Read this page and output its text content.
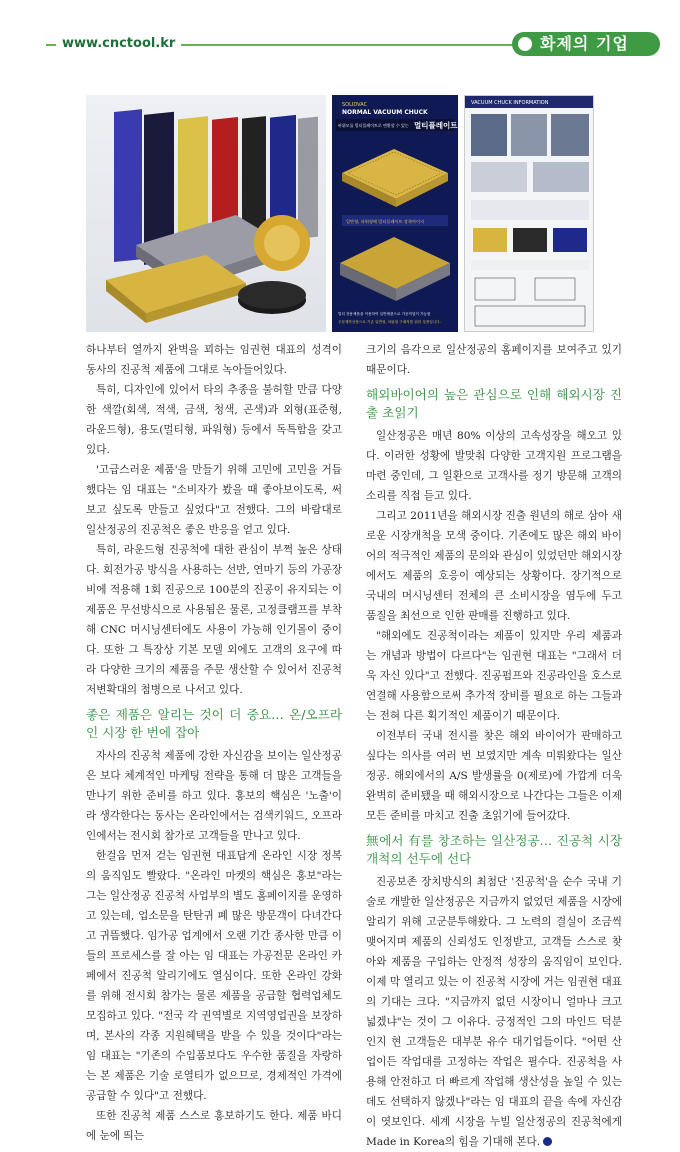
www.cnctool.kr	화제의 기업
SOLIDVAC
NORMAL VACUUM CHUCK
바위모를 멀티플레이트로 변환할 수 있는 멀티플레이트
일반형, 파워형에 멀티플레이트 장착아이지
멀티 전용제품을 이용하여 일반제품으로 가공작업이 가능함
주문제작상품으로 기존 일반형, 파워형 구매자를 위한 상품입니다.
VACUUM CHUCK INFORMATION

하나부터 열까지 완벽을 꾀하는 임권현 대표의 성격이 동사의 진공척 제품에 그대로 녹아들어있다.

특히, 디자인에 있어서 타의 추종을 불허할 만큼 다양한 색깔(회색, 적색, 금색, 청색, 곤색)과 외형(표준형, 라운드형), 용도(멀티형, 파워형) 등에서 독특함을 갖고 있다.

'고급스러운 제품'을 만들기 위해 고민에 고민을 거듭했다는 임 대표는 "소비자가 봤을 때 좋아보이도록, 써보고 싶도록 만들고 싶었다"고 전했다. 그의 바람대로 일산정공의 진공척은 좋은 반응을 얻고 있다.

특히, 라운드형 진공척에 대한 관심이 부쩍 높은 상태다. 회전가공 방식을 사용하는 선반, 연마기 등의 가공장비에 적용해 1회 진공으로 100분의 진공이 유지되는 이 제품은 무선방식으로 사용됨은 물론, 고정클램프를 부착해 CNC 머시닝센터에도 사용이 가능해 인기몰이 중이다. 또한 그 특장상 기본 모델 외에도 고객의 요구에 따라 다양한 크기의 제품을 주문 생산할 수 있어서 진공척 저변확대의 첨병으로 나서고 있다.

좋은 제품은 알리는 것이 더 중요… 온/오프라인 시장 한 번에 잡아

자사의 진공척 제품에 강한 자신감을 보이는 일산정공은 보다 체계적인 마케팅 전략을 통해 더 많은 고객들을 만나기 위한 준비를 하고 있다. 홍보의 핵심은 '노출'이라 생각한다는 동사는 온라인에서는 검색키워드, 오프라인에서는 전시회 참가로 고객들을 만나고 있다.

한걸음 먼저 걷는 임권현 대표답게 온라인 시장 정복의 움직임도 빨랐다. "온라인 마켓의 핵심은 홍보"라는 그는 일산정공 진공척 사업부의 별도 홈페이지를 운영하고 있는데, 업소문을 탄탄귀 폐 많은 방문객이 다녀간다고 귀뜸했다. 임가공 업계에서 오랜 기간 종사한 만큼 이들의 프로세스를 잘 아는 임 대표는 가공전문 온라인 카페에서 진공척 알리기에도 열심이다. 또한 온라인 강화를 위해 전시회 참가는 물론 제품을 공급할 협력업체도 모집하고 있다. "전국 각 권역별로 지역영업권을 보장하며, 본사의 각종 지원혜택을 받을 수 있을 것이다"라는 임 대표는 "기존의 수입품보다도 우수한 품질을 자랑하는 본 제품은 기술 로열티가 없으므로, 경제적인 가격에 공급할 수 있다"고 전했다.

또한 진공척 제품 스스로 홍보하기도 한다. 제품 바디에 눈에 띄는

크기의 음각으로 일산정공의 홈페이지를 보여주고 있기 때문이다.

해외바이어의 높은 관심으로 인해 해외시장 진출 초읽기

일산정공은 매년 80% 이상의 고속성장을 해오고 있다. 이러한 성황에 발맞춰 다양한 고객지원 프로그램을 마련 중인데, 그 일환으로 고객사를 정기 방문해 고객의 소리를 직접 듣고 있다.

그리고 2011년을 해외시장 진출 원년의 해로 삼아 새로운 시장개척을 모색 중이다. 기존에도 많은 해외 바이어의 적극적인 제품의 문의와 관심이 있었던만 해외시장에서도 제품의 호응이 예상되는 상황이다. 장기적으로 국내의 머시닝센터 전체의 큰 소비시장을 염두에 두고 품질을 최선으로 인한 판매를 진행하고 있다.

"해외에도 진공척이라는 제품이 있지만 우리 제품과는 개념과 방법이 다르다"는 임권현 대표는 "그래서 더욱 자신 있다"고 전했다. 진공펌프와 진공라인을 호스로 연결해 사용함으로써 추가적 장비를 필요로 하는 그들과는 전혀 다른 획기적인 제품이기 때문이다.

이전부터 국내 전시를 찾은 해외 바이어가 판매하고 싶다는 의사를 여러 번 보였지만 계속 미뤄왔다는 일산정공. 해외에서의 A/S 발생률을 0(제로)에 가깝게 더욱 완벽히 준비됐을 때 해외시장으로 나간다는 그들은 이제 모든 준비를 마치고 진출 초읽기에 들어갔다.

無에서 有를 창조하는 일산정공… 진공척 시장개척의 선두에 선다

진공보존 장치방식의 최첨단 '진공척'을 순수 국내 기술로 개발한 일산정공은 지금까지 없었던 제품을 시장에 알리기 위해 고군분투해왔다. 그 노력의 결실이 조금씩 맺어지며 제품의 신뢰성도 인정받고, 고객들 스스로 찾아와 제품을 구입하는 안정적 성장의 움직임이 보인다. 이제 막 열리고 있는 이 진공척 시장에 거는 임권현 대표의 기대는 크다. "지금까지 없던 시장이니 얼마나 크고 넓겠냐"는 것이 그 이유다. 긍정적인 그의 마인드 덕분인지 현 고객들은 대부분 유수 대기업들이다. "어떤 산업이든 작업대를 고정하는 작업은 필수다. 진공척을 사용해 안전하고 더 빠르게 작업해 생산성을 높일 수 있는데도 선택하지 않겠나"라는 임 대표의 끝을 속에 자신감이 엿보인다. 세계 시장을 누빌 일산정공의 진공척에게 Made in Korea의 힘을 기대해 본다.
